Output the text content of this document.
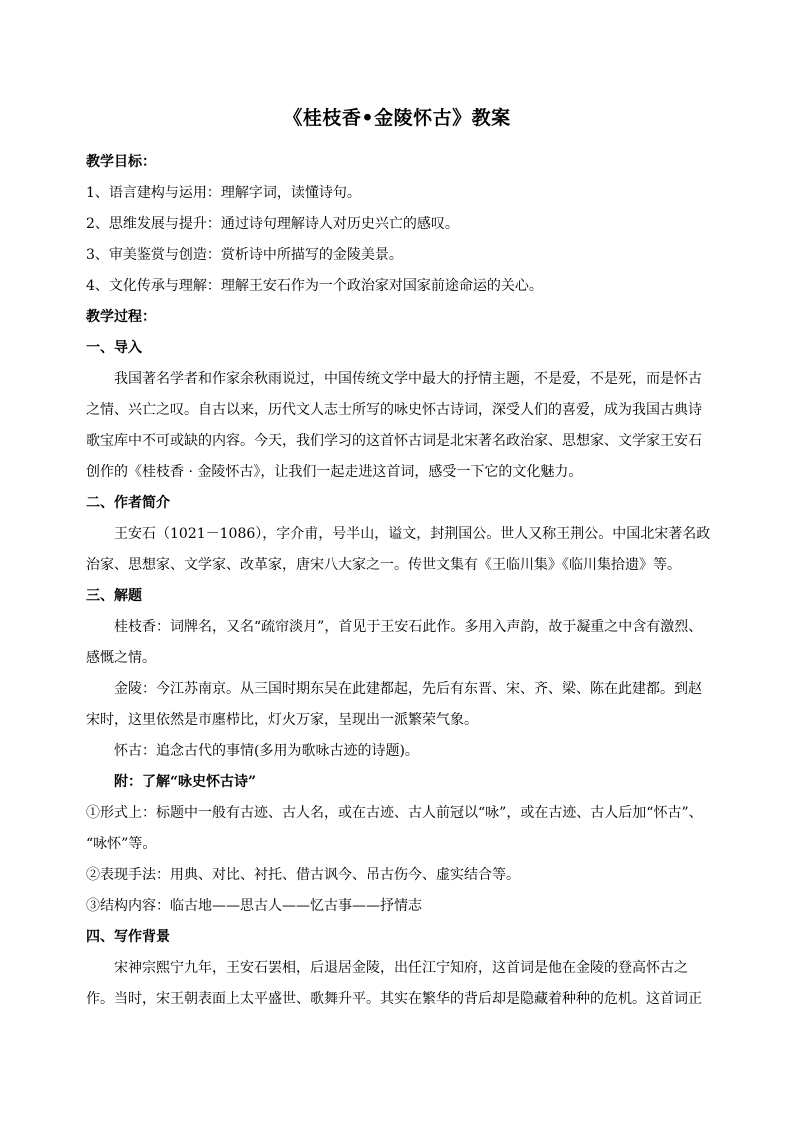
《桂枝香•金陵怀古》教案

教学目标：

1、语言建构与运用：理解字词，读懂诗句。

2、思维发展与提升：通过诗句理解诗人对历史兴亡的感叹。

3、审美鉴赏与创造：赏析诗中所描写的金陵美景。

4、文化传承与理解：理解王安石作为一个政治家对国家前途命运的关心。

教学过程：

一、导入

我国著名学者和作家余秋雨说过，中国传统文学中最大的抒情主题，不是爱，不是死，而是怀古

之情、兴亡之叹。自古以来，历代文人志士所写的咏史怀古诗词，深受人们的喜爱，成为我国古典诗

歌宝库中不可或缺的内容。今天，我们学习的这首怀古词是北宋著名政治家、思想家、文学家王安石

创作的《桂枝香 · 金陵怀古》，让我们一起走进这首词，感受一下它的文化魅力。

二、作者简介

王安石（1021－1086），字介甫，号半山，谥文，封荆国公。世人又称王荆公。中国北宋著名政

治家、思想家、文学家、改革家，唐宋八大家之一。传世文集有《王临川集》《临川集拾遗》等。

三、解题

桂枝香：词牌名，又名“疏帘淡月”，首见于王安石此作。多用入声韵，故于凝重之中含有激烈、

感慨之情。

金陵：今江苏南京。从三国时期东吴在此建都起，先后有东晋、宋、齐、梁、陈在此建都。到赵

宋时，这里依然是市廛栉比，灯火万家，呈现出一派繁荣气象。

怀古：追念古代的事情(多用为歌咏古迹的诗题)。

附：了解“咏史怀古诗”

①形式上：标题中一般有古迹、古人名，或在古迹、古人前冠以“咏”，或在古迹、古人后加“怀古”、

“咏怀”等。

②表现手法：用典、对比、衬托、借古讽今、吊古伤今、虚实结合等。

③结构内容：临古地——思古人——忆古事——抒情志

四、写作背景

宋神宗熙宁九年，王安石罢相，后退居金陵，出任江宁知府，这首词是他在金陵的登高怀古之

作。当时，宋王朝表面上太平盛世、歌舞升平。其实在繁华的背后却是隐藏着种种的危机。这首词正
